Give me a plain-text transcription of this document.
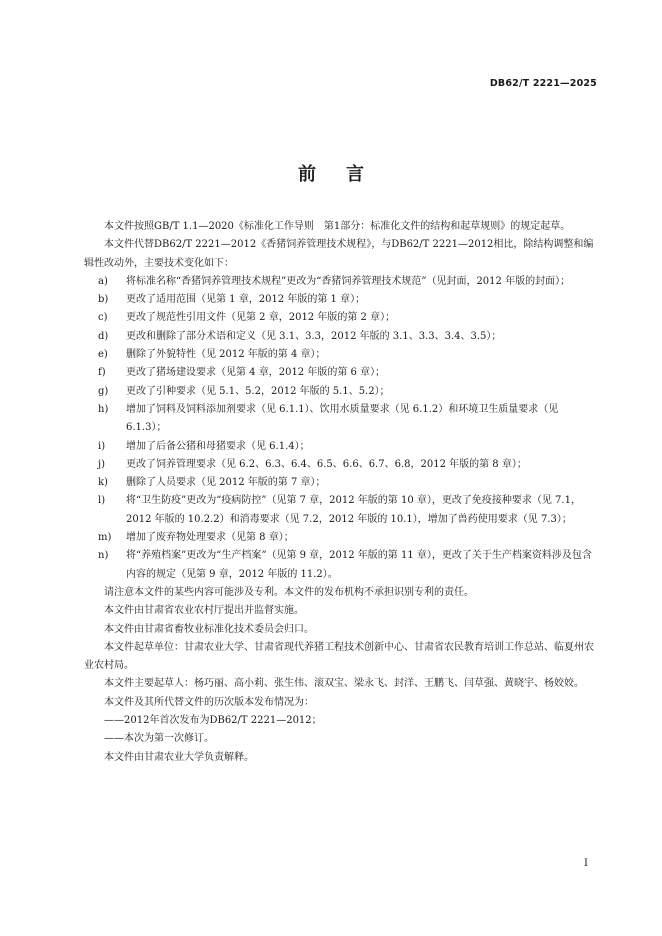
DB62/T 2221—2025
前言

本文件按照GB/T 1.1—2020《标准化工作导则　第1部分：标准化文件的结构和起草规则》的规定起草。

本文件代替DB62/T 2221—2012《香猪饲养管理技术规程》，与DB62/T 2221—2012相比，除结构调整和编辑性改动外，主要技术变化如下：

a)	将标准名称“香猪饲养管理技术规程”更改为“香猪饲养管理技术规范”（见封面，2012 年版的封面）；
b)	更改了适用范围（见第 1 章，2012 年版的第 1 章）；
c)	更改了规范性引用文件（见第 2 章，2012 年版的第 2 章）；
d)	更改和删除了部分术语和定义（见 3.1、3.3，2012 年版的 3.1、3.3、3.4、3.5）；
e)	删除了外貌特性（见 2012 年版的第 4 章）；
f)	更改了猪场建设要求（见第 4 章，2012 年版的第 6 章）；
g)	更改了引种要求（见 5.1、5.2，2012 年版的 5.1、5.2）；
h)	增加了饲料及饲料添加剂要求（见 6.1.1）、饮用水质量要求（见 6.1.2）和环境卫生质量要求（见 6.1.3）；
i)	增加了后备公猪和母猪要求（见 6.1.4）；
j)	更改了饲养管理要求（见 6.2、6.3、6.4、6.5、6.6、6.7、6.8，2012 年版的第 8 章）；
k)	删除了人员要求（见 2012 年版的第 7 章）；
l)	将“卫生防疫”更改为“疫病防控”（见第 7 章，2012 年版的第 10 章），更改了免疫接种要求（见 7.1，2012 年版的 10.2.2）和消毒要求（见 7.2，2012 年版的 10.1），增加了兽药使用要求（见 7.3）；
m)	增加了废弃物处理要求（见第 8 章）；
n)	将“养殖档案”更改为“生产档案”（见第 9 章，2012 年版的第 11 章），更改了关于生产档案资料涉及包含内容的规定（见第 9 章，2012 年版的 11.2）。

请注意本文件的某些内容可能涉及专利。本文件的发布机构不承担识别专利的责任。

本文件由甘肃省农业农村厅提出并监督实施。

本文件由甘肃省畜牧业标准化技术委员会归口。

本文件起草单位：甘肃农业大学、甘肃省现代养猪工程技术创新中心、甘肃省农民教育培训工作总站、临夏州农业农村局。

本文件主要起草人：杨巧丽、高小莉、张生伟、滚双宝、梁永飞、封洋、王鹏飞、闫草强、黄晓宇、杨姣姣。

本文件及其所代替文件的历次版本发布情况为：

——2012年首次发布为DB62/T 2221—2012；

——本次为第一次修订。

本文件由甘肃农业大学负责解释。

I
